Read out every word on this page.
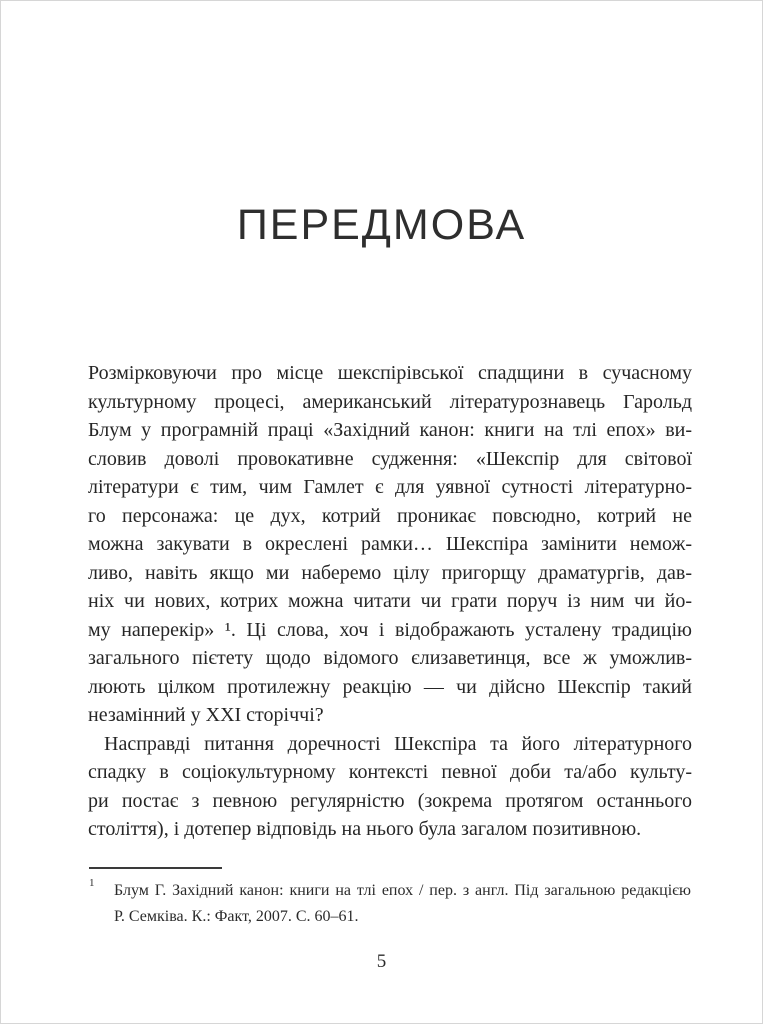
ПЕРЕДМОВА
Розмірковуючи про місце шекспірівської спадщини в сучасному
культурному процесі, американський літературознавець Гарольд
Блум у програмній праці «Західний канон: книги на тлі епох» ви-
словив доволі провокативне судження: «Шекспір для світової
літератури є тим, чим Гамлет є для уявної сутності літературно-
го персонажа: це дух, котрий проникає повсюдно, котрий не
можна закувати в окреслені рамки… Шекспіра замінити немож-
ливо, навіть якщо ми наберемо цілу пригорщу драматургів, дав-
ніх чи нових, котрих можна читати чи грати поруч із ним чи йо-
му наперекір» ¹. Ці слова, хоч і відображають усталену традицію
загального пієтету щодо відомого єлизаветинця, все ж уможлив-
люють цілком протилежну реакцію — чи дійсно Шекспір такий
незамінний у XXI сторіччі?
Насправді питання доречності Шекспіра та його літературного
спадку в соціокультурному контексті певної доби та/або культу-
ри постає з певною регулярністю (зокрема протягом останнього
століття), і дотепер відповідь на нього була загалом позитивною.
1	Блум Г. Західний канон: книги на тлі епох / пер. з англ. Під загальною редакцією
Р. Семківа. К.: Факт, 2007. С. 60–61.
5
